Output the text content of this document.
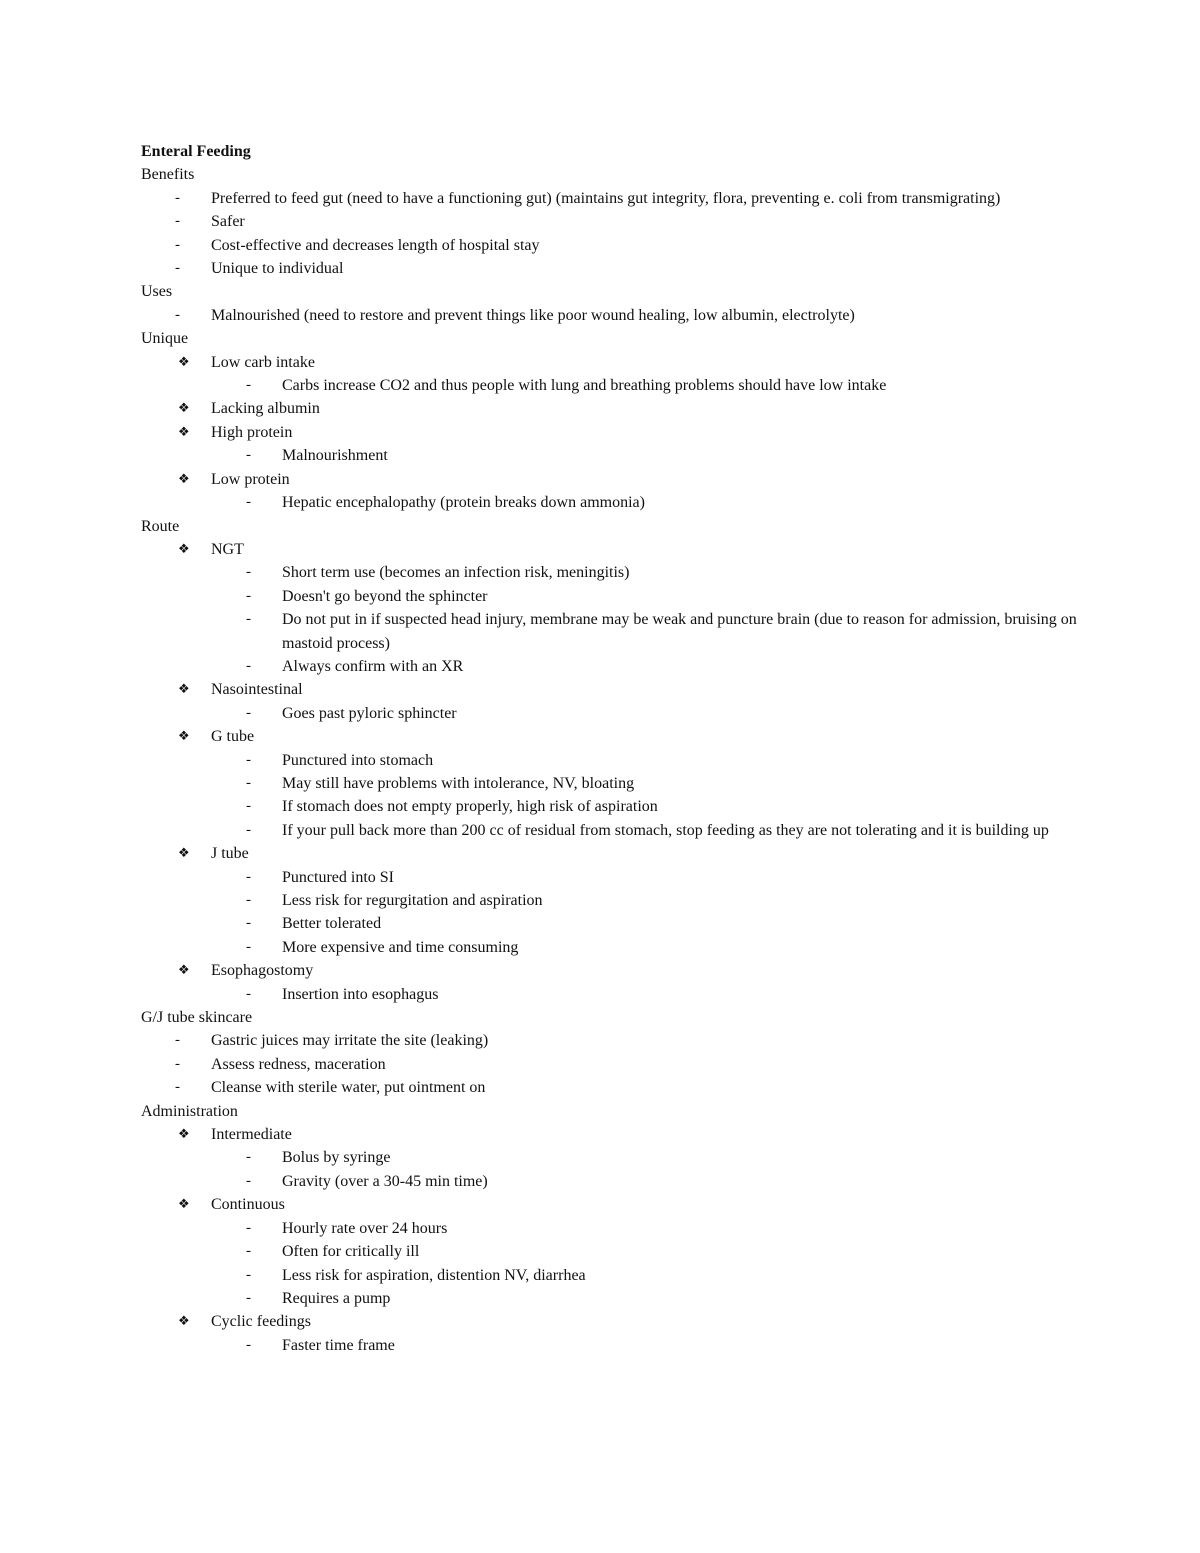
Enteral Feeding

Benefits

-	Preferred to feed gut (need to have a functioning gut) (maintains gut integrity, flora, preventing e. coli from transmigrating)
-	Safer
-	Cost-effective and decreases length of hospital stay
-	Unique to individual

Uses

-	Malnourished (need to restore and prevent things like poor wound healing, low albumin, electrolyte)

Unique

❖	Low carb intake
-	Carbs increase CO2 and thus people with lung and breathing problems should have low intake
❖	Lacking albumin
❖	High protein
-	Malnourishment
❖	Low protein
-	Hepatic encephalopathy (protein breaks down ammonia)

Route

❖	NGT
-	Short term use (becomes an infection risk, meningitis)
-	Doesn't go beyond the sphincter
-	Do not put in if suspected head injury, membrane may be weak and puncture brain (due to reason for admission, bruising on mastoid process)
-	Always confirm with an XR
❖	Nasointestinal
-	Goes past pyloric sphincter
❖	G tube
-	Punctured into stomach
-	May still have problems with intolerance, NV, bloating
-	If stomach does not empty properly, high risk of aspiration
-	If your pull back more than 200 cc of residual from stomach, stop feeding as they are not tolerating and it is building up
❖	J tube
-	Punctured into SI
-	Less risk for regurgitation and aspiration
-	Better tolerated
-	More expensive and time consuming
❖	Esophagostomy
-	Insertion into esophagus

G/J tube skincare

-	Gastric juices may irritate the site (leaking)
-	Assess redness, maceration
-	Cleanse with sterile water, put ointment on

Administration

❖	Intermediate
-	Bolus by syringe
-	Gravity (over a 30-45 min time)
❖	Continuous
-	Hourly rate over 24 hours
-	Often for critically ill
-	Less risk for aspiration, distention NV, diarrhea
-	Requires a pump
❖	Cyclic feedings
-	Faster time frame
